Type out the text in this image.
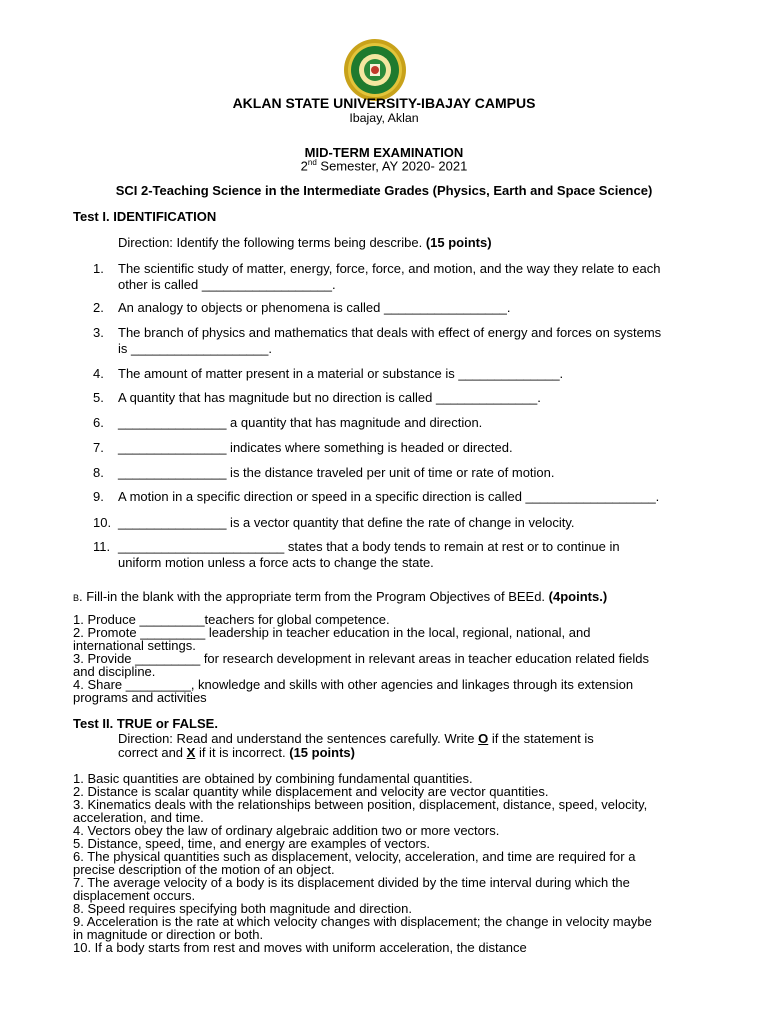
AKLAN STATE UNIVERSITY-IBAJAY CAMPUS
Ibajay, Aklan
MID-TERM EXAMINATION
2nd Semester, AY 2020- 2021
SCI 2-Teaching Science in the Intermediate Grades (Physics, Earth and Space Science)
Test I. IDENTIFICATION
Direction: Identify the following terms being describe. (15 points)
1. The scientific study of matter, energy, force, force, and motion, and the way they relate to each
other is called __________________.
2. An analogy to objects or phenomena is called _________________.
3. The branch of physics and mathematics that deals with effect of energy and forces on systems
is ___________________.
4. The amount of matter present in a material or substance is ______________.
5. A quantity that has magnitude but no direction is called ______________.
6. _______________ a quantity that has magnitude and direction.
7. _______________ indicates where something is headed or directed.
8. _______________ is the distance traveled per unit of time or rate of motion.
9. A motion in a specific direction or speed in a specific direction is called __________________.
10. _______________ is a vector quantity that define the rate of change in velocity.
11. _______________________ states that a body tends to remain at rest or to continue in
uniform motion unless a force acts to change the state.
B. Fill-in the blank with the appropriate term from the Program Objectives of BEEd. (4points.)
1. Produce _________teachers for global competence.
2. Promote _________ leadership in teacher education in the local, regional, national, and
international settings.
3. Provide _________ for research development in relevant areas in teacher education related fields
and discipline.
4. Share _________, knowledge and skills with other agencies and linkages through its extension
programs and activities
Test II. TRUE or FALSE.
Direction: Read and understand the sentences carefully. Write O if the statement is
correct and X if it is incorrect. (15 points)
1. Basic quantities are obtained by combining fundamental quantities.
2. Distance is scalar quantity while displacement and velocity are vector quantities.
3. Kinematics deals with the relationships between position, displacement, distance, speed, velocity,
acceleration, and time.
4. Vectors obey the law of ordinary algebraic addition two or more vectors.
5. Distance, speed, time, and energy are examples of vectors.
6. The physical quantities such as displacement, velocity, acceleration, and time are required for a
precise description of the motion of an object.
7. The average velocity of a body is its displacement divided by the time interval during which the
displacement occurs.
8. Speed requires specifying both magnitude and direction.
9. Acceleration is the rate at which velocity changes with displacement; the change in velocity maybe
in magnitude or direction or both.
10. If a body starts from rest and moves with uniform acceleration, the distance
